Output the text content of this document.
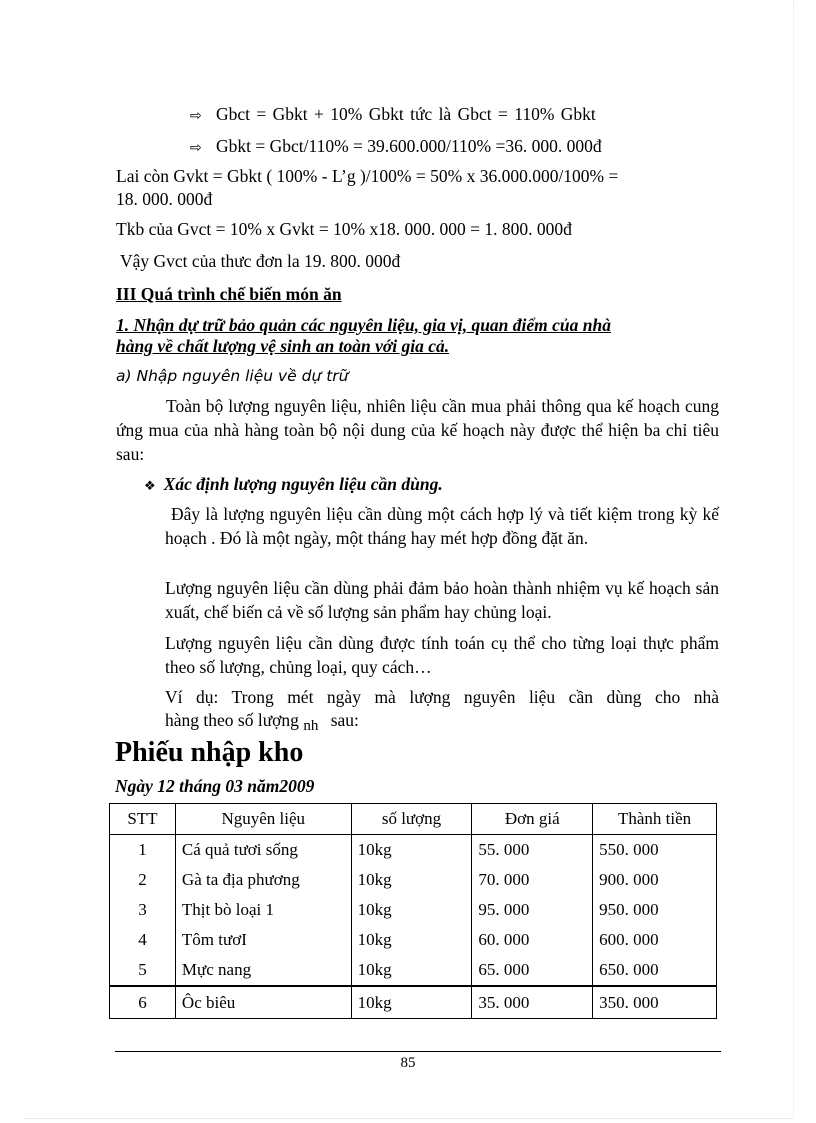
⇨ Gbct = Gbkt + 10% Gbkt tức là Gbct = 110% Gbkt
⇨ Gbkt = Gbct/110% = 39.600.000/110% =36. 000. 000đ
Lai còn Gvkt = Gbkt ( 100% - L’g )/100% = 50% x 36.000.000/100% =
18. 000. 000đ
Tkb của Gvct = 10% x Gvkt = 10% x18. 000. 000 = 1. 800. 000đ
Vậy Gvct của thưc đơn la 19. 800. 000đ
III Quá trình chế biến món ăn
1. Nhận dự trữ bảo quản các nguyên liệu, gia vị, quan điểm của nhà
hàng về chất lượng vệ sinh an toàn với gia cả.
a) Nhập nguyên liệu về dự trữ
Toàn bộ lượng nguyên liệu, nhiên liệu cần mua phải thông qua kế hoạch cung ứng mua của nhà hàng toàn bộ nội dung của kế hoạch này được thể hiện ba chỉ tiêu sau:
❖ Xác định lượng nguyên liệu cần dùng.
Đây là lượng nguyên liệu cần dùng một cách hợp lý và tiết kiệm trong kỳ kế hoạch . Đó là một ngày, một tháng hay mét hợp đồng đặt ăn.
Lượng nguyên liệu cần dùng phải đảm bảo hoàn thành nhiệm vụ kế hoạch sản xuất, chế biến cả về số lượng sản phẩm hay chủng loại.
Lượng nguyên liệu cần dùng được tính toán cụ thể cho từng loại thực phẩm theo số lượng, chủng loại, quy cách…
Ví dụ: Trong mét ngày mà lượng nguyên liệu cần dùng cho nhà
hàng theo số lượng nh sau:
Phiếu nhập kho
Ngày 12 tháng 03 năm2009
STT	Nguyên liệu	số lượng	Đơn giá	Thành tiền
1	Cá quả tươi sống	10kg	55. 000	550. 000
2	Gà ta địa phương	10kg	70. 000	900. 000
3	Thịt bò loại 1	10kg	95. 000	950. 000
4	Tôm tươI	10kg	60. 000	600. 000
5	Mực nang	10kg	65. 000	650. 000
6	Ôc biêu	10kg	35. 000	350. 000
85
